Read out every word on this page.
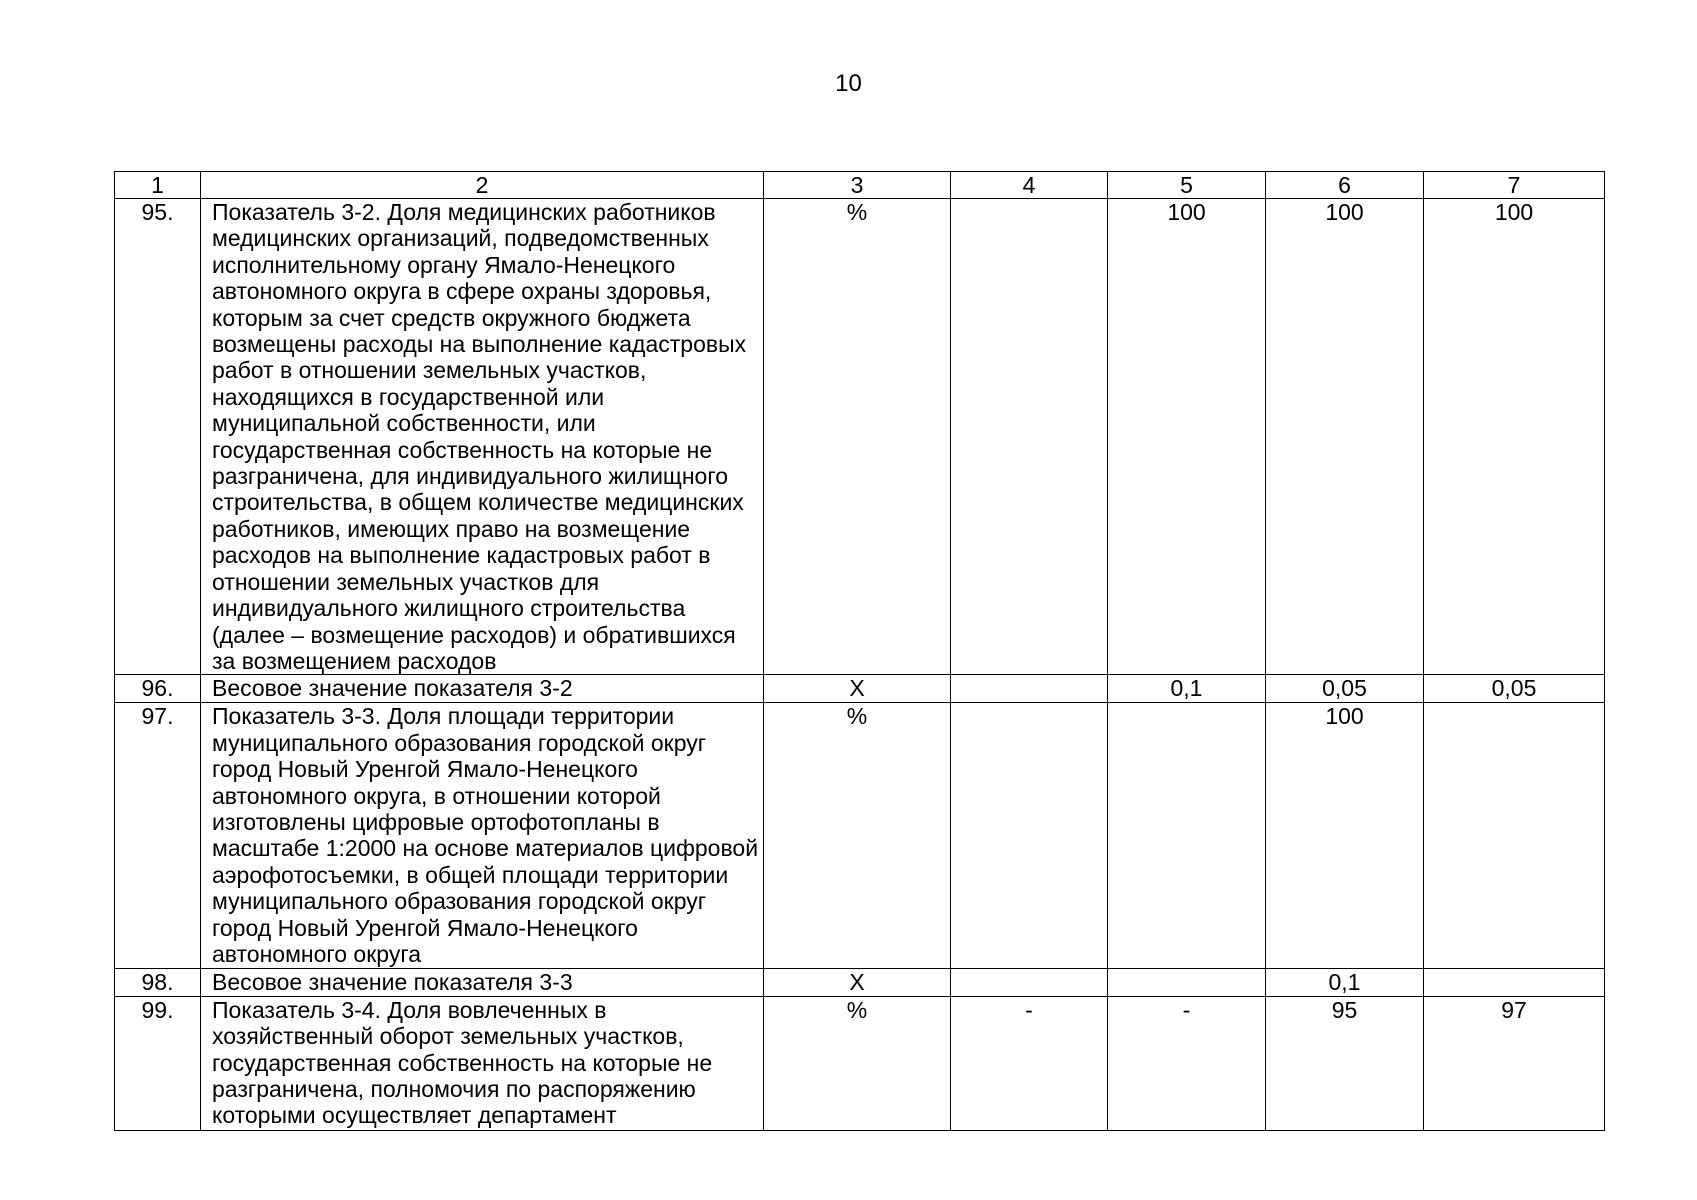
10
1	2	3	4	5	6	7
95.	Показатель 3-2. Доля медицинских работников медицинских организаций, подведомственных исполнительному органу Ямало-Ненецкого автономного округа в сфере охраны здоровья, которым за счет средств окружного бюджета возмещены расходы на выполнение кадастровых работ в отношении земельных участков, находящихся в государственной или муниципальной собственности, или государственная собственность на которые не разграничена, для индивидуального жилищного строительства, в общем количестве медицинских работников, имеющих право на возмещение расходов на выполнение кадастровых работ в отношении земельных участков для индивидуального жилищного строительства (далее – возмещение расходов) и обратившихся за возмещением расходов	%		100	100	100
96.	Весовое значение показателя 3-2	X		0,1	0,05	0,05
97.	Показатель 3-3. Доля площади территории муниципального образования городской округ город Новый Уренгой Ямало-Ненецкого автономного округа, в отношении которой изготовлены цифровые ортофотопланы в масштабе 1:2000 на основе материалов цифровой аэрофотосъемки, в общей площади территории муниципального образования городской округ город Новый Уренгой Ямало-Ненецкого автономного округа	%			100	
98.	Весовое значение показателя 3-3	X			0,1	
99.	Показатель 3-4. Доля вовлеченных в хозяйственный оборот земельных участков, государственная собственность на которые не разграничена, полномочия по распоряжению которыми осуществляет департамент	%	-	-	95	97
